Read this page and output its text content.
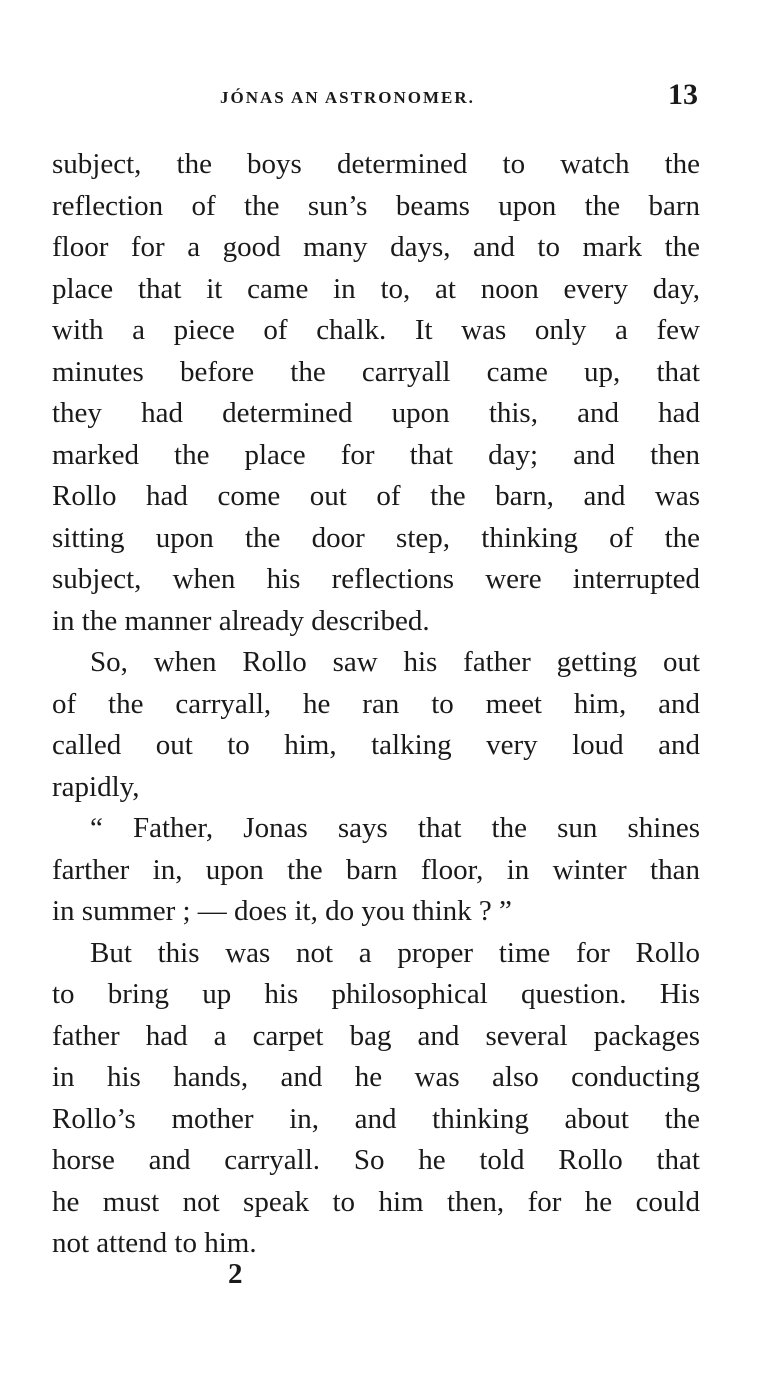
JÓNAS AN ASTRONOMER.	13
subject, the boys determined to watch the
reflection of the sun’s beams upon the barn
floor for a good many days, and to mark the
place that it came in to, at noon every day,
with a piece of chalk. It was only a few
minutes before the carryall came up, that
they had determined upon this, and had
marked the place for that day; and then
Rollo had come out of the barn, and was
sitting upon the door step, thinking of the
subject, when his reflections were interrupted
in the manner already described.
So, when Rollo saw his father getting out
of the carryall, he ran to meet him, and
called out to him, talking very loud and
rapidly,
“ Father, Jonas says that the sun shines
farther in, upon the barn floor, in winter than
in summer ; — does it, do you think ? ”
But this was not a proper time for Rollo
to bring up his philosophical question. His
father had a carpet bag and several packages
in his hands, and he was also conducting
Rollo’s mother in, and thinking about the
horse and carryall. So he told Rollo that
he must not speak to him then, for he could
not attend to him.
2
